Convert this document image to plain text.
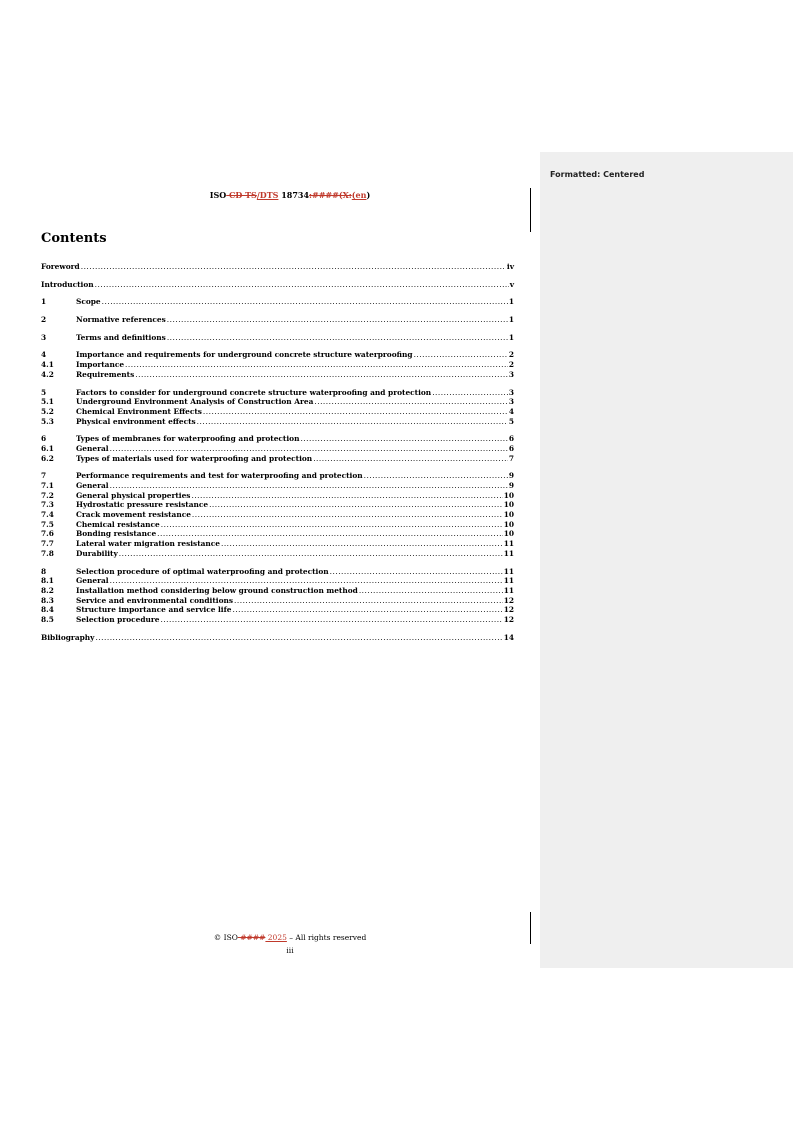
Formatted: Centered
ISO CD TS/DTS 18734:####(X:(en)
Contents
Foreword .....	iv
Introduction .....	v
1	Scope .....	1
2	Normative references .....	1
3	Terms and definitions .....	1
4	Importance and requirements for underground concrete structure waterproofing .....	2
4.1	Importance .....	2
4.2	Requirements .....	3
5	Factors to consider for underground concrete structure waterproofing and protection .....	3
5.1	Underground Environment Analysis of Construction Area .....	3
5.2	Chemical Environment Effects .....	4
5.3	Physical environment effects .....	5
6	Types of membranes for waterproofing and protection .....	6
6.1	General .....	6
6.2	Types of materials used for waterproofing and protection .....	7
7	Performance requirements and test for waterproofing and protection .....	9
7.1	General .....	9
7.2	General physical properties .....	10
7.3	Hydrostatic pressure resistance .....	10
7.4	Crack movement resistance .....	10
7.5	Chemical resistance .....	10
7.6	Bonding resistance .....	10
7.7	Lateral water migration resistance .....	11
7.8	Durability .....	11
8	Selection procedure of optimal waterproofing and protection .....	11
8.1	General .....	11
8.2	Installation method considering below ground construction method .....	11
8.3	Service and environmental conditions .....	12
8.4	Structure importance and service life .....	12
8.5	Selection procedure .....	12
Bibliography .....	14
© ISO #### 2025 – All rights reserved
iii
